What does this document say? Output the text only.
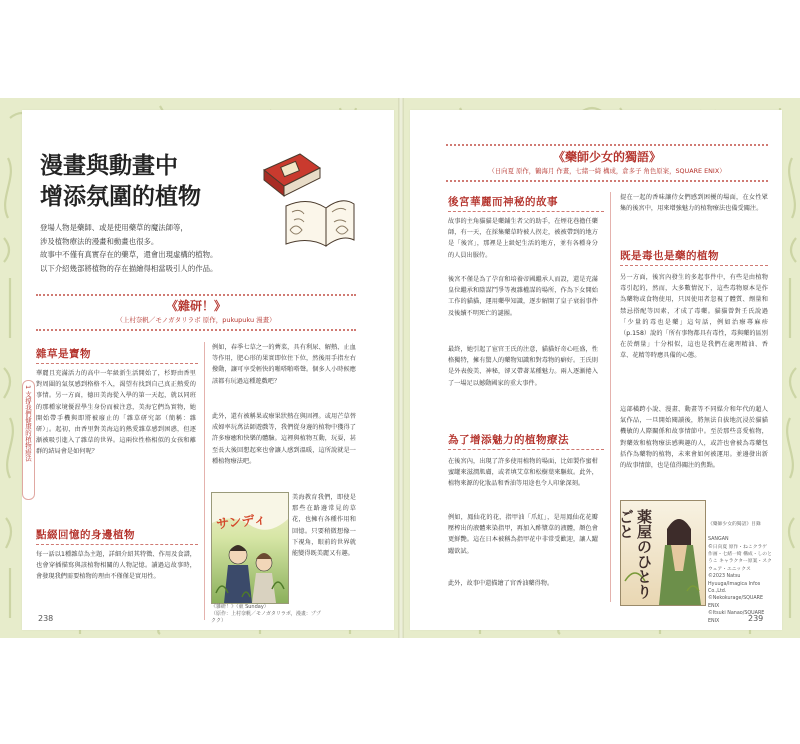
漫畫與動畫中
增添氛圍的植物
登場人物是藥師、或是使用藥草的魔法師等，
涉及植物療法的漫畫和動畫也很多。
故事中不僅有真實存在的藥草，還會出現虛構的植物。
以下介紹幾部將植物的存在描繪得相當吸引人的作品。
《雜研！》
（上村奈帆／モノガタリラボ 原作，pukupuku 漫畫）
雜草是寶物
華麗且充滿活力的高中一年級新生活開始了，杉野由香里對周圍的氣氛感到格格不入，渴望有找到自己真正熱愛的事情。另一方面，德田美海從入學的第一天起，就以同班的那種家境優渥學生身份而被注意，美海它們為實物，她開始帶手機與即將被廢止的「雜草研究部（簡稱：雜研）」。起初，由香里對美海這的熱愛雜草感到困惑，但逐漸被吸引進入了雜草的世界。這兩位性格相似的女孩和離群的結局會是如何呢？
點綴回憶的身邊植物
每一話以1種雜草為主題，詳細介紹其特徵、作用及食譜，也會穿插描寫與該植物相關的人物記憶。讀過這故事時，會發現我們需要植物的理由不僅僅是實用性。
例如，春季七草之一的薺菜，具有利尿、解熱、止血等作用，肥心形的果實即位住下位，然後用手指左右撥動，讓可享受輕快的啪嗒啪嗒聲。個多人小時候應該都有玩過這種遊戲吧？
此外，還有被稱果或療果狀熱在與固裡。或用芒草替成婦率玩萬法師遊戲等，我們從身邊的植物中獲得了許多療癒和快樂的體驗。這裡與植物互動，玩耍，甚至長大後回想起來也會讓人感到溫暖，這所說就是一種植物療法吧。
サンディ
美海教育我們，即使是那些在路邊常見的草花，也擁有各種作用和回憶。只要稍微想像一下視角，眼前的世界就能變得既美麗又有趣。
《雜研！》（東 Sunday）
（原作：上村奈帆／モノガタリラボ，漫畫：ププクク）
1 支撐我們健康的植物療法
238
《藥師少女的獨語》
（日向夏 原作，鶴海月 作畫，七緒一綺 構成，倉多子 角色原案，SQUARE ENIX）
後宮華麗而神秘的故事
故事的主角貓貓是藥鋪生者父的助手，在煙花巷擔任藥師，有一天，在採集藥草時被人拐走，被被帶到的地方是「後宮」，那裡是上級妃生活的地方，並有各種身分的人員出服侍。
後宮不僅是為了孕育和培養帝國繼承人而設，還是充滿皇位繼承和陰謀鬥爭等複雜權謀的場所，作為下女開始工作的貓貓，運用藥學知識，逐步解開了皇子衰弱事件及後續不明死亡的謎團。
最終，她引起了宦官王氏的注意，貓貓好奇心旺盛，性格獨特，擁有驚人的藥物知識和對毒物的癖好。王氏則是外表俊美、神秘，卻又帶著某種魅力。兩人逐漸捲入了一場足以撼動國家的重大事件。
為了增添魅力的植物療法
在後宮內，出現了許多使用植物的場面，比如製作蜜柑蜜罐來滋潤肌膚，或者填艾草和松樹葉來驅蚊。此外，植物來源的化妝品和香油等用途也令人印象深刻。
例如，鳳仙花的花，指甲油「爪紅」，是用鳳仙花花瓣壓榨出的液體來染指甲，再加入酢漿草的液體，顏色會更鮮艷。這在日本被稱為指甲花中非常受歡迎，讓人躍躍欲試。
此外，故事中還描繪了宮香油藥得物。
提在一起的香味讓侍女們感到困擾的場面，在女性眾集的後宮中，用來增強魅力的植物療法也備受關注。
既是毒也是藥的植物
另一方面，後宮內發生的多起事件中，有些是由植物毒引起的，然而，大多數情況下，這些毒物原本是作為藥物或食物使用，只因使用者忽視了體質、劑量和禁忌搭配等因素，才成了毒藥。貓貓曾對壬氏說過「少量的毒也是藥」這句話，例如治療蕁麻疹（p.158）說的「所有事物都具有毒性，毒與藥的區別在於劑量」十分相似，這也是我們在處理精油、香草、花精等時應具備的心態。
這部橫跨小說、漫畫、動畫等不同媒介和年代的超人氣作品，一旦開始閱讀後，將無法自拔地沉浸於貓貓機敏的人際關係和故事情節中。至於那些喜愛植物，對藥效和植物療法感興趣的人，或許也會被為毒藥包括作為藥物的植物，未來會如何被運用。並邊發出新的故事情節，也是值得關注的焦點。
薬屋のひとりごと	《藥師少女的獨語》目錄

SANGAN
©日向夏 原作・ねこクラゲ 作画・七緒一綺 構成・しのとうこ キャラクター原案・スクウェア・エニックス
©2023 Natsu Hyuuga/Imagica Infos Co.,Ltd.
©Nekokurage/SQUARE ENIX
©Itsuki Nanao/SQUARE ENIX	239
